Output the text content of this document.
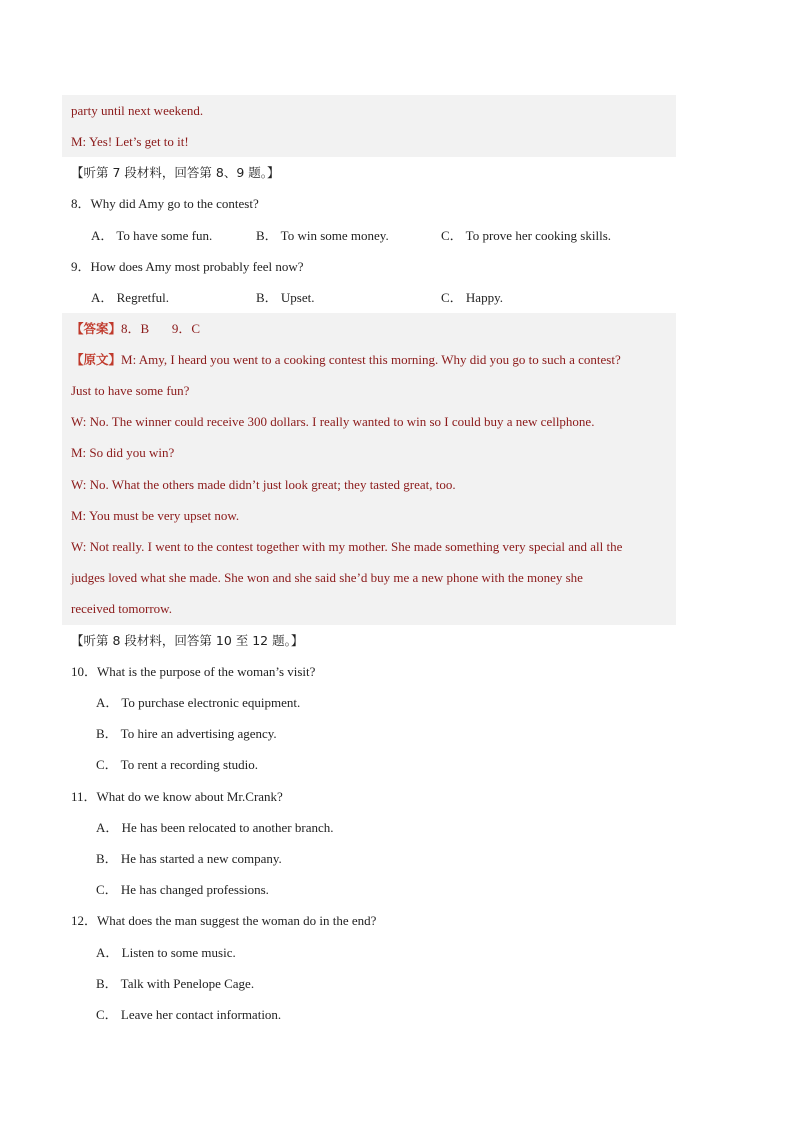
party until next weekend.
M: Yes! Let’s get to it!
【听第 7 段材料，回答第 8、9 题。】
8．Why did Amy go to the contest?
A． To have some fun.	B． To win some money.	C． To prove her cooking skills.
9．How does Amy most probably feel now?
A． Regretful.	B． Upset.	C． Happy.
【答案】8．B       9．C
【原文】M: Amy, I heard you went to a cooking contest this morning. Why did you go to such a contest?
Just to have some fun?
W: No. The winner could receive 300 dollars. I really wanted to win so I could buy a new cellphone.
M: So did you win?
W: No. What the others made didn’t just look great; they tasted great, too.
M: You must be very upset now.
W: Not really. I went to the contest together with my mother. She made something very special and all the
judges loved what she made. She won and she said she’d buy me a new phone with the money she
received tomorrow.
【听第 8 段材料，回答第 10 至 12 题。】
10．What is the purpose of the woman’s visit?
A． To purchase electronic equipment.
B． To hire an advertising agency.
C． To rent a recording studio.
11．What do we know about Mr.Crank?
A． He has been relocated to another branch.
B． He has started a new company.
C． He has changed professions.
12．What does the man suggest the woman do in the end?
A． Listen to some music.
B． Talk with Penelope Cage.
C． Leave her contact information.
